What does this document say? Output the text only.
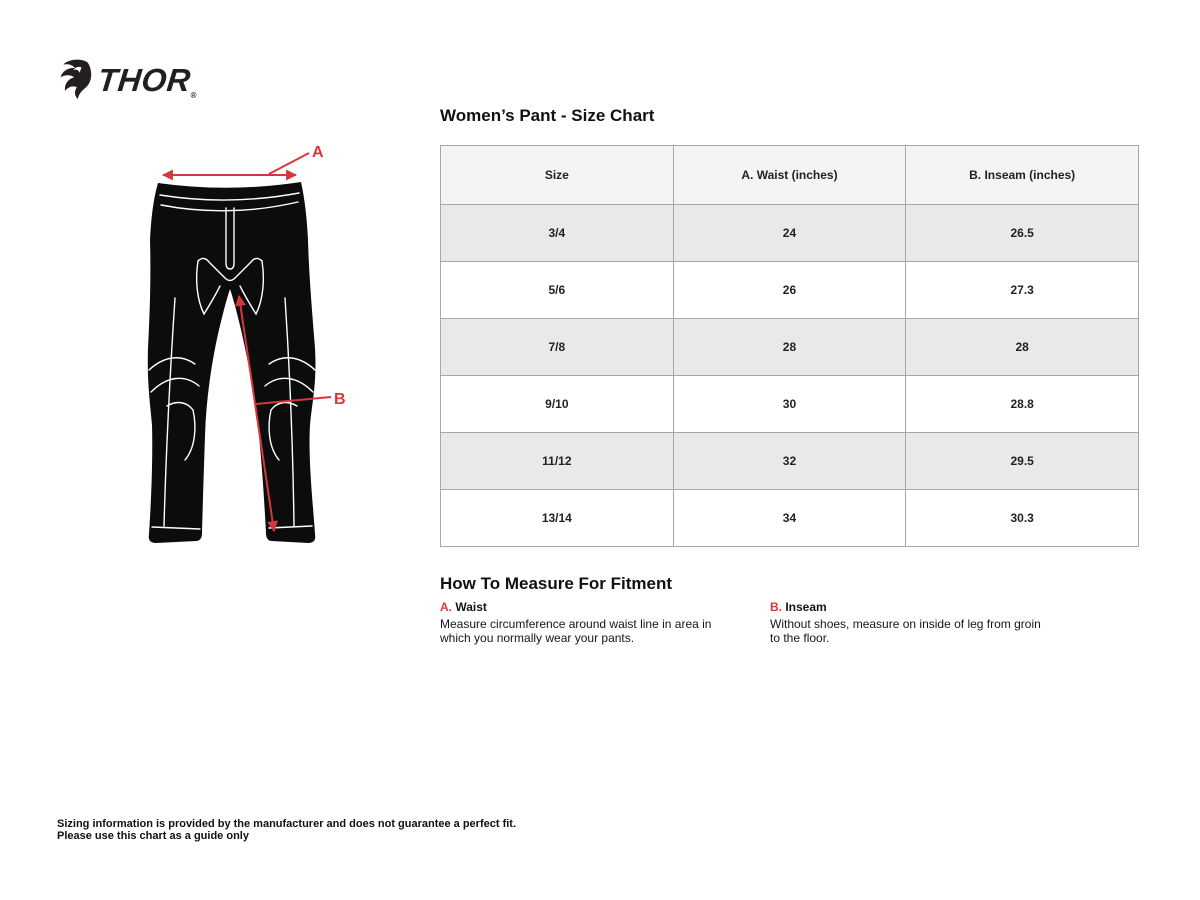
THOR
®
A
B
Women’s Pant - Size Chart
Size	A. Waist (inches)	B. Inseam (inches)
3/4	24	26.5
5/6	26	27.3
7/8	28	28
9/10	30	28.8
11/12	32	29.5
13/14	34	30.3
How To Measure For Fitment
A. Waist
Measure circumference around waist line in area in which you normally wear your pants.
B. Inseam
Without shoes, measure on inside of leg from groin to the floor.
Sizing information is provided by the manufacturer and does not guarantee a perfect fit.
Please use this chart as a guide only
